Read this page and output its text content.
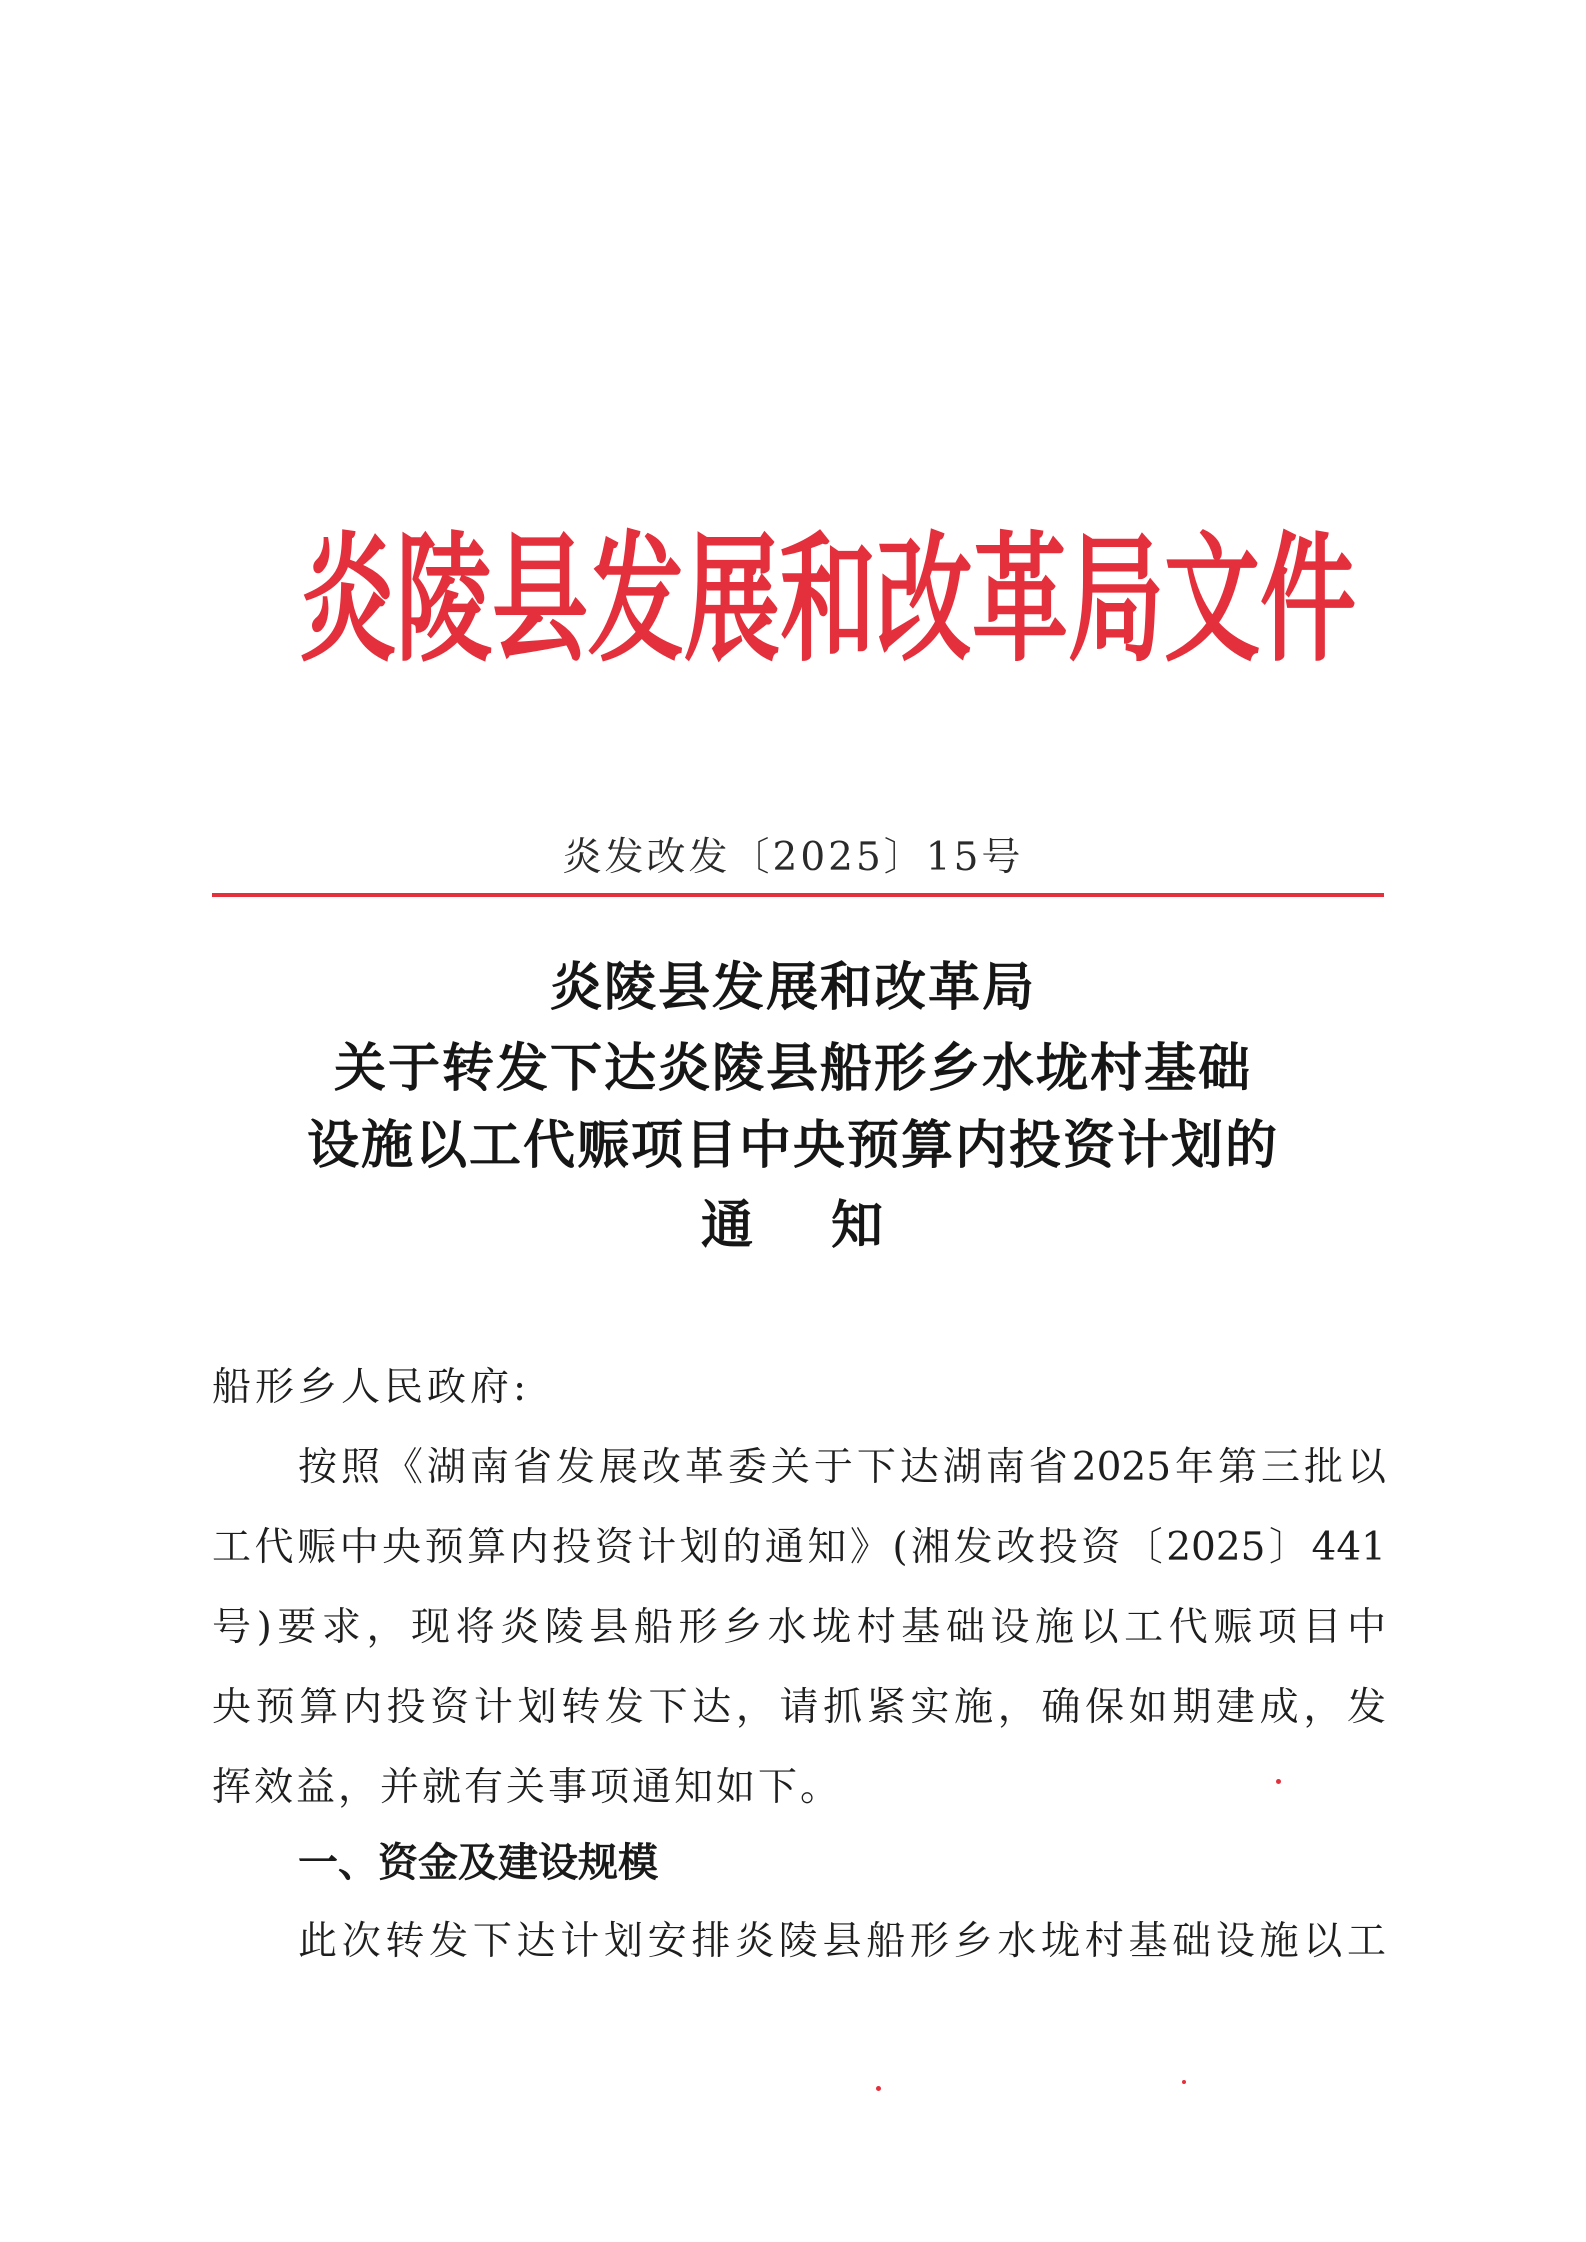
炎 陵 县 发 展 和 改 革 局 文 件
炎发改发〔2025〕15号
炎陵县发展和改革局
关于转发下达炎陵县船形乡水垅村基础
设施以工代赈项目中央预算内投资计划的
通 知
船形乡人民政府:
按照《湖南省发展改革委关于下达湖南省2025年第三批以
工代赈中央预算内投资计划的通知》(湘发改投资〔2025〕441
号)要求，现将炎陵县船形乡水垅村基础设施以工代赈项目中
央预算内投资计划转发下达，请抓紧实施，确保如期建成，发
挥效益，并就有关事项通知如下。
一、资金及建设规模
此次转发下达计划安排炎陵县船形乡水垅村基础设施以工
